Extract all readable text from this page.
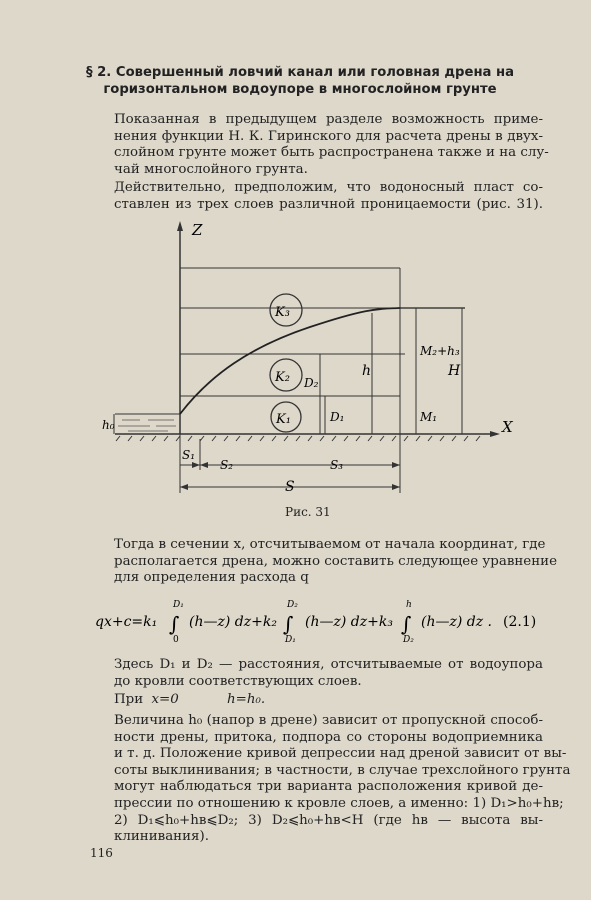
§ 2. Совершенный ловчий канал или головная дрена на
горизонтальном водоупоре в многослойном грунте
Показанная в предыдущем разделе возможность приме-
нения функции Н. К. Гиринского для расчета дрены в двух-
слойном грунте может быть распространена также и на слу-
чай многослойного грунта.
Действительно, предположим, что водоносный пласт со-
ставлен из трех слоев различной проницаемости (рис. 31).
Z
X
K₃
K₂
K₁
h₀
D₁
D₂
h
M₁
M₂+h₃
H
S₁
S₂	S₃
S
Рис. 31
Тогда в сечении x, отсчитываемом от начала координат, где
располагается дрена, можно составить следующее уравнение
для определения расхода q
qx+c=k₁ ∫
D₁
0
(h—z) dz+k₂ ∫
D₂
D₁
(h—z) dz+k₃ ∫
h
D₂
(h—z) dz . (2.1)
Здесь D₁ и D₂ — расстояния, отсчитываемые от водоупора
до кровли соответствующих слоев.
При x=0	h=h₀.
Величина h₀ (напор в дрене) зависит от пропускной способ-
ности дрены, притока, подпора со стороны водоприемника
и т. д. Положение кривой депрессии над дреной зависит от вы-
соты выклинивания; в частности, в случае трехслойного грунта
могут наблюдаться три варианта расположения кривой де-
прессии по отношению к кровле слоев, а именно: 1) D₁>h₀+hв;
2) D₁⩽h₀+hв⩽D₂; 3) D₂⩽h₀+hв<H (где hв — высота вы-
клинивания).
116
